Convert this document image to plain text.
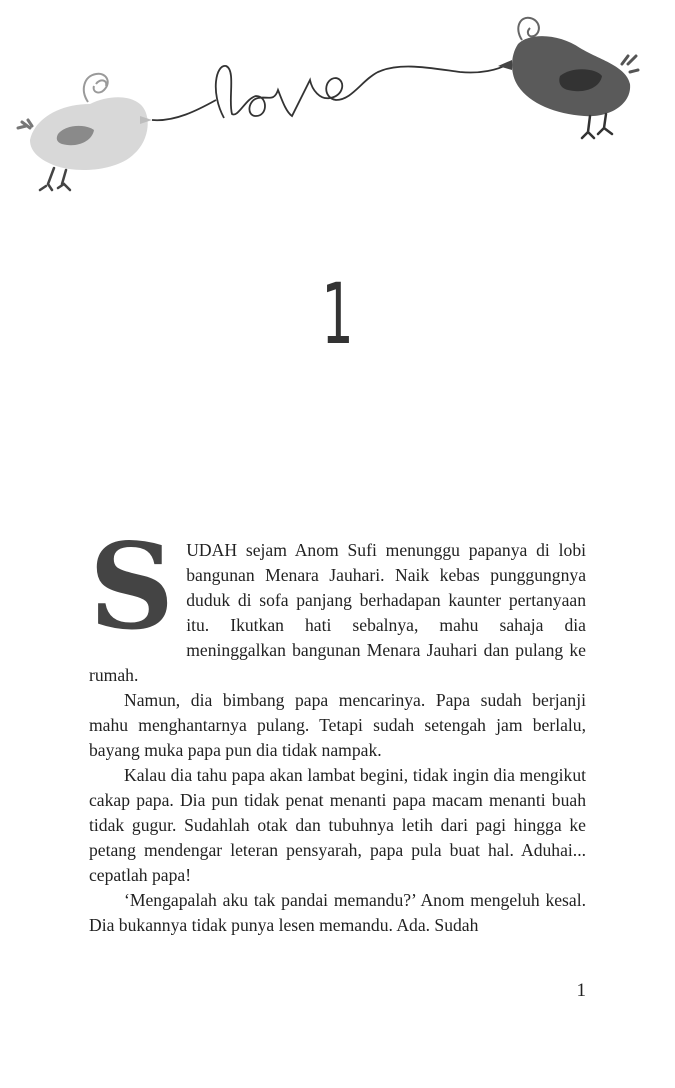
1

SUDAH sejam Anom Sufi menunggu papanya di lobi bangunan Menara Jauhari. Naik kebas punggungnya duduk di sofa panjang berhadapan kaunter pertanyaan itu. Ikutkan hati sebalnya, mahu sahaja dia meninggalkan bangunan Menara Jauhari dan pulang ke rumah.

Namun, dia bimbang papa mencarinya. Papa sudah berjanji mahu menghantarnya pulang. Tetapi sudah setengah jam berlalu, bayang muka papa pun dia tidak nampak.

Kalau dia tahu papa akan lambat begini, tidak ingin dia mengikut cakap papa. Dia pun tidak penat menanti papa macam menanti buah tidak gugur. Sudahlah otak dan tubuhnya letih dari pagi hingga ke petang mendengar leteran pensyarah, papa pula buat hal. Aduhai... cepatlah papa!

‘Mengapalah aku tak pandai memandu?’ Anom mengeluh kesal. Dia bukannya tidak punya lesen memandu. Ada. Sudah

1
